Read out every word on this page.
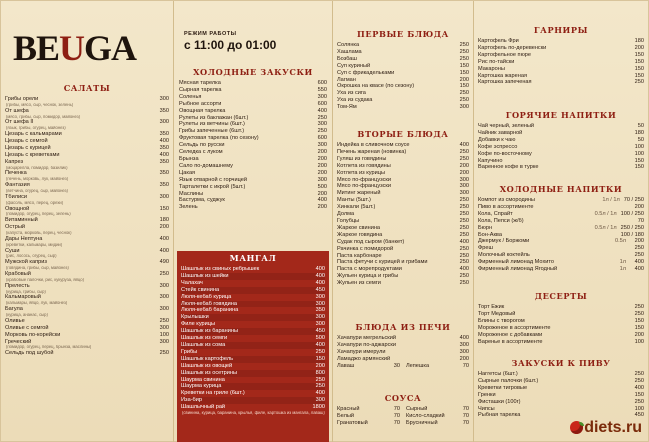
BEUGA	РЕЖИМ РАБОТЫ
с 11:00 до 01:00
САЛАТЫ
Грибы орели	300
(грибы, мясо, сыр, чеснок, зелень)
От шефа	350
(мясо, грибы, сыр, помидор, майонез)
От шефа II	300
(язык, грибы, огурец, майонез)
Цезарь с кальмарами	350
Цезарь с семгой	400
Цезарь с курицей	350
Цезарь с креветками	400
Капрез	350
(моцарелла, помидор, базилик)
Печенка	350
(печень, морковь, лук, майонез)
Фантазия	350
(ветчина, огурец, сыр, майонез)
Тбилиси	300
(фасоль, мясо, перец, орехи)
Овощной	150
(помидор, огурец, перец, зелень)
Витаминный	180
Острый	200
(капуста, морковь, перец, чеснок)
Дары Нептуна	400
(креветки, кальмары, мидии)
Суши	400
(рис, лосось, огурец, сыр)
Мужской каприз	490
(говядина, грибы, сыр, майонез)
Крабовый	250
(крабовые палочки, рис, кукуруза, яйцо)
Прелесть	300
(курица, грибы, сыр)
Кальмаровый	300
(кальмары, яйцо, лук, майонез)
Багула	300
(курица, ананас, сыр)
Оливье	250
Оливье с семгой	300
Морковь по-корейски	100
Греческий	300
(помидор, огурец, перец, брынза, маслины)
Сельдь под шубой	250
ХОЛОДНЫЕ ЗАКУСКИ
Мясная тарелка	600
Сырная тарелка	550
Соленья	300
Рыбное ассорти	600
Овощная тарелка	400
Рулеты из баклажан (6шт.)	250
Рулеты из ветчины (6шт.)	300
Грибы запеченные (6шт.)	250
Фруктовая тарелка (по сезону)	600
Сельдь по русски	300
Селедка с луком	200
Брынза	200
Сало по-домашнему	200
Цакая	200
Язык отварной с горчицей	300
Тарталетки с икрой (5шт.)	500
Маслины	200
Бастурма, суджук	400
Зелень	200
МАНГАЛ
Шашлык из свиных ребрышек	400
Шашлык из шейки	400
Чалахач	400
Стейк свинина	450
Люля-кебаб курица	300
Люля-кебаб говядина	300
Люля-кебаб баранина	350
Крылышки	300
Филе курицы	300
Шашлык из баранины	450
Шашлык из семги	500
Шашлык из сома	400
Грибы	250
Шашлык картофель	150
Шашлык из овощей	200
Шашлык из осетрины	800
Шаурма свинина	250
Шаурма курица	250
Креветки на гриле (6шт.)	400
Иза-бир	300
Шашлычный рай	1800
(свинина, курица, баранина, крылья, филе, картошка из мангала, лаваш)
ПЕРВЫЕ БЛЮДА
Солянка	250
Хашлама	250
Бозбаш	250
Суп куриный	150
Суп с фрикадельками	150
Лагман	200
Окрошка на квасе (по сезону)	150
Уха из сига	250
Уха из судака	250
Том-Ям	300
ВТОРЫЕ БЛЮДА
Индейка в сливочном соусе	400
Печень жареная (новинка)	250
Гуляш из говядины	250
Котлета из говядины	200
Котлета из курицы	200
Мясо по-французски	300
Мясо по-французски	300
Митинг жареный	300
Манты (5шт.)	250
Хинкали (5шт.)	250
Долма	250
Голубцы	250
Жаркое свинина	250
Жаркое говядина	250
Судак под сыром (банкет)	400
Рачинка с помидорой	250
Паста карбонаре	250
Паста фетучи с курицей и грибами	250
Паста с морепродуктами	400
Жульен курица и грибы	250
Жульен из семги	250
БЛЮДА ИЗ ПЕЧИ
Хачапури мегрельский	400
Хачапури по-аджарски	300
Хачапури имерули	300
Ламаджо армянский	200
Лаваш	30 Лепешка	70
СОУСА
Красный	70 Сырный	70
Белый	70 Кисло-сладкий	70
Гранатовый	70 Брусничный	70
ГАРНИРЫ
Картофель Фри	180
Картофель по-деревенски	200
Картофельное пюре	150
Рис по-тайски	150
Макароны	150
Картошка жареная	150
Картошка запеченая	250
ГОРЯЧИЕ НАПИТКИ
Чай черный, зеленый	50
Чайник заварной	180
Добавки к чаю	50
Кофе эспрессо	100
Кофе по-восточному	100
Капучино	150
Варенное кофе в турке	150
ХОЛОДНЫЕ НАПИТКИ
Компот из смородины	1л / 1л 70 / 250
Пиво в ассортименте	200
Кола, Спрайт	0.5л / 1л 100 / 250
Кола, Пепси (ж/б)	70
Бюрн	0.5л / 1л 250 / 250
Бон-Аква	100 / 180
Джермук / Боржоми	0.5л	200
Фреш	250
Молочный коктейль	250
Фирменный лимонад Мохито	1л	400
Фирменный лимонад Ягодный	1л	400
ДЕСЕРТЫ
Торт Ежик	250
Торт Медовый	250
Блины с творогом	150
Мороженое в ассортименте	150
Мороженое с добавками	200
Варенье в ассортименте	100
ЗАКУСКИ К ПИВУ
Наггетсы (6шт.)	250
Сырные палочки (6шт.)	250
Креветки тигровые	400
Гренки	150
Фисташки (100г)	250
Чипсы	100
Рыбная тарелка	450
diets.ru
